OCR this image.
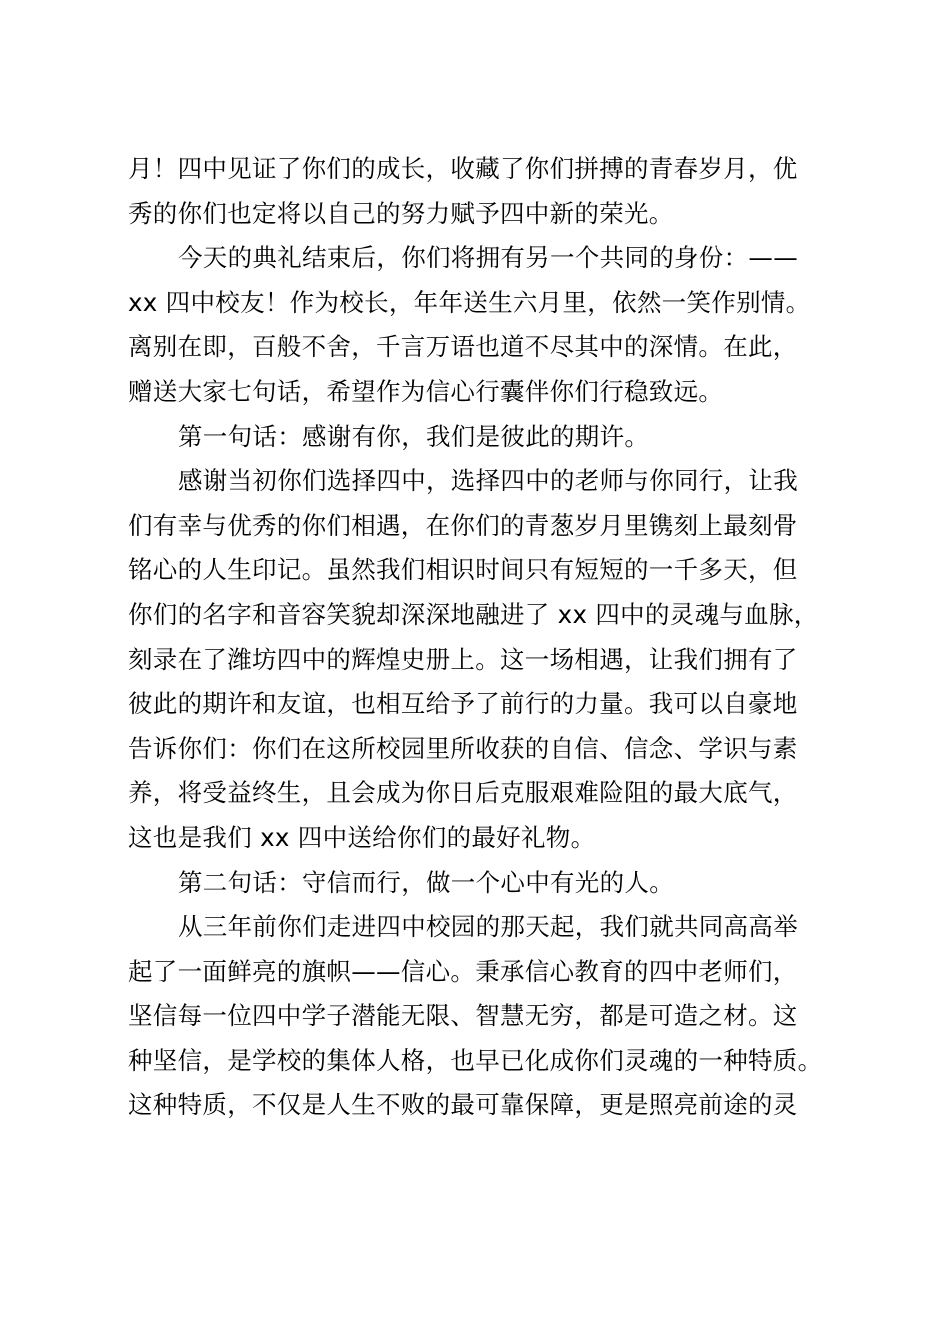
月！四中见证了你们的成长，收藏了你们拼搏的青春岁月，优
秀的你们也定将以自己的努力赋予四中新的荣光。
今天的典礼结束后，你们将拥有另一个共同的身份：——
xx 四中校友！作为校长，年年送生六月里，依然一笑作别情。
离别在即，百般不舍，千言万语也道不尽其中的深情。在此，
赠送大家七句话，希望作为信心行囊伴你们行稳致远。
第一句话：感谢有你，我们是彼此的期许。
感谢当初你们选择四中，选择四中的老师与你同行，让我
们有幸与优秀的你们相遇，在你们的青葱岁月里镌刻上最刻骨
铭心的人生印记。虽然我们相识时间只有短短的一千多天，但
你们的名字和音容笑貌却深深地融进了 xx 四中的灵魂与血脉，
刻录在了潍坊四中的辉煌史册上。这一场相遇，让我们拥有了
彼此的期许和友谊，也相互给予了前行的力量。我可以自豪地
告诉你们：你们在这所校园里所收获的自信、信念、学识与素
养，将受益终生，且会成为你日后克服艰难险阻的最大底气，
这也是我们 xx 四中送给你们的最好礼物。
第二句话：守信而行，做一个心中有光的人。
从三年前你们走进四中校园的那天起，我们就共同高高举
起了一面鲜亮的旗帜——信心。秉承信心教育的四中老师们，
坚信每一位四中学子潜能无限、智慧无穷，都是可造之材。这
种坚信，是学校的集体人格，也早已化成你们灵魂的一种特质。
这种特质，不仅是人生不败的最可靠保障，更是照亮前途的灵
